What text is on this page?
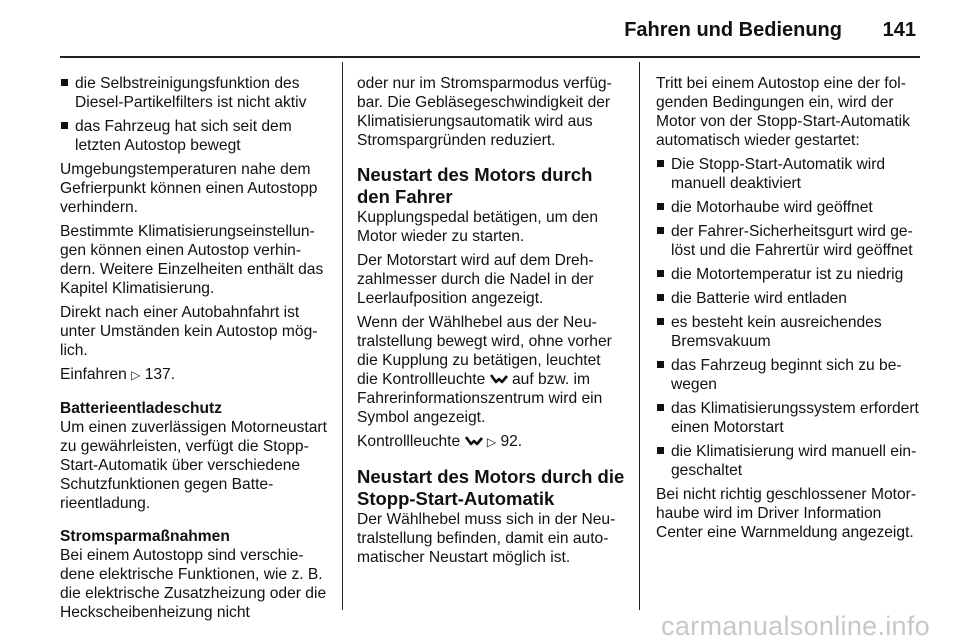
Fahren und Bedienung 141
die Selbstreinigungsfunktion des Diesel-Partikelfilters ist nicht aktiv
das Fahrzeug hat sich seit dem letzten Autostop bewegt

Umgebungstemperaturen nahe dem Gefrierpunkt können einen Autostopp verhindern.

Bestimmte Klimatisierungseinstellungen können einen Autostop verhindern. Weitere Einzelheiten enthält das Kapitel Klimatisierung.

Direkt nach einer Autobahnfahrt ist unter Umständen kein Autostop möglich.

Einfahren ▷ 137.

Batterieentladeschutz

Um einen zuverlässigen Motorneustart zu gewährleisten, verfügt die Stopp-Start-Automatik über verschiedene Schutzfunktionen gegen Batterieentladung.

Stromsparmaßnahmen

Bei einem Autostopp sind verschiedene elektrische Funktionen, wie z. B. die elektrische Zusatzheizung oder die Heckscheibenheizung nicht

oder nur im Stromsparmodus verfügbar. Die Gebläsegeschwindigkeit der Klimatisierungsautomatik wird aus Stromspargründen reduziert.

Neustart des Motors durch den Fahrer

Kupplungspedal betätigen, um den Motor wieder zu starten.

Der Motorstart wird auf dem Drehzahlmesser durch die Nadel in der Leerlaufposition angezeigt.

Wenn der Wählhebel aus der Neutralstellung bewegt wird, ohne vorher die Kupplung zu betätigen, leuchtet die Kontrollleuchte auf bzw. im Fahrerinformationszentrum wird ein Symbol angezeigt.

Kontrollleuchte ▷ 92.

Neustart des Motors durch die Stopp-Start-Automatik

Der Wählhebel muss sich in der Neutralstellung befinden, damit ein automatischer Neustart möglich ist.

Tritt bei einem Autostop eine der folgenden Bedingungen ein, wird der Motor von der Stopp-Start-Automatik automatisch wieder gestartet:

Die Stopp-Start-Automatik wird manuell deaktiviert
die Motorhaube wird geöffnet
der Fahrer-Sicherheitsgurt wird gelöst und die Fahrertür wird geöffnet
die Motortemperatur ist zu niedrig
die Batterie wird entladen
es besteht kein ausreichendes Bremsvakuum
das Fahrzeug beginnt sich zu bewegen
das Klimatisierungssystem erfordert einen Motorstart
die Klimatisierung wird manuell eingeschaltet

Bei nicht richtig geschlossener Motorhaube wird im Driver Information Center eine Warnmeldung angezeigt.

carmanualsonline.info
